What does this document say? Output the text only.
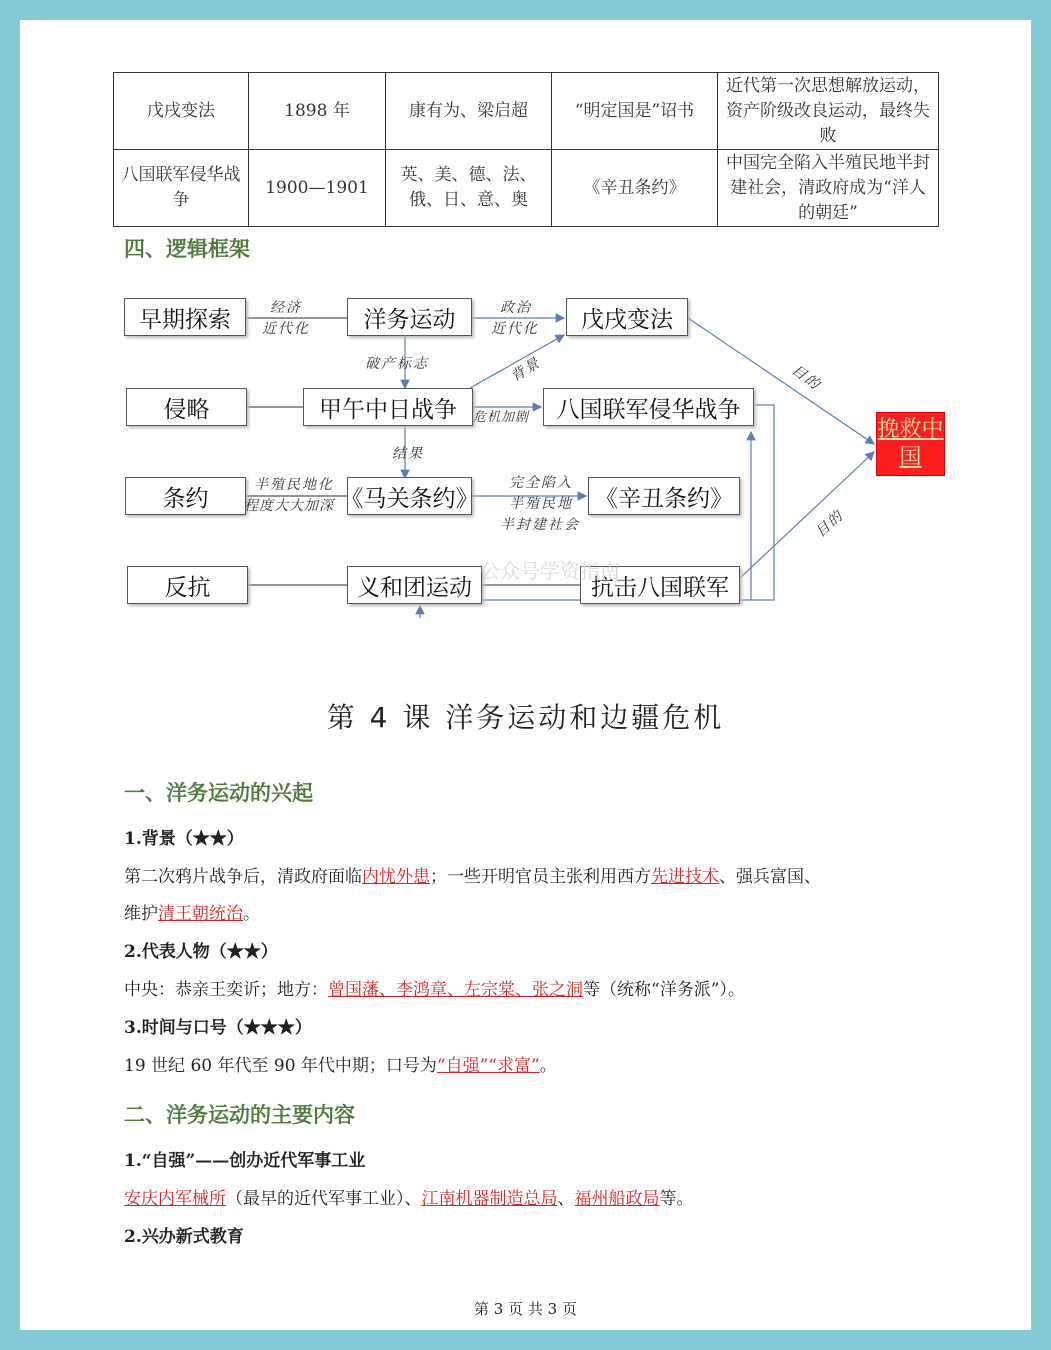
戊戌变法	1898 年	康有为、梁启超	“明定国是”诏书	近代第一次思想解放运动，资产阶级改良运动，最终失败
八国联军侵华战争	1900—1901	英、美、德、法、俄、日、意、奥	《辛丑条约》	中国完全陷入半殖民地半封建社会，清政府成为“洋人的朝廷”
四、逻辑框架
早期探索	洋务运动	戊戌变法
侵略	甲午中日战争	八国联军侵华战争
条约	《马关条约》	《辛丑条约》
反抗	义和团运动	抗击八国联军
挽救中国
经济
近代化
政治
近代化
破产标志	背景
危机加剧
结果
半殖民地化
程度大大加深
完全陷入
半殖民地
半封建社会
目的
目的
公众号学资指南
第 4 课 洋务运动和边疆危机
一、洋务运动的兴起
1.背景（★★）
第二次鸦片战争后，清政府面临内忧外患；一些开明官员主张利用西方先进技术、强兵富国、
维护清王朝统治。
2.代表人物（★★）
中央：恭亲王奕䜣；地方：曾国藩、李鸿章、左宗棠、张之洞等（统称“洋务派”）。
3.时间与口号（★★★）
19 世纪 60 年代至 90 年代中期；口号为“自强”“求富”。
二、洋务运动的主要内容
1.“自强”——创办近代军事工业
安庆内军械所（最早的近代军事工业）、江南机器制造总局、福州船政局等。
2.兴办新式教育
第 3 页 共 3 页
